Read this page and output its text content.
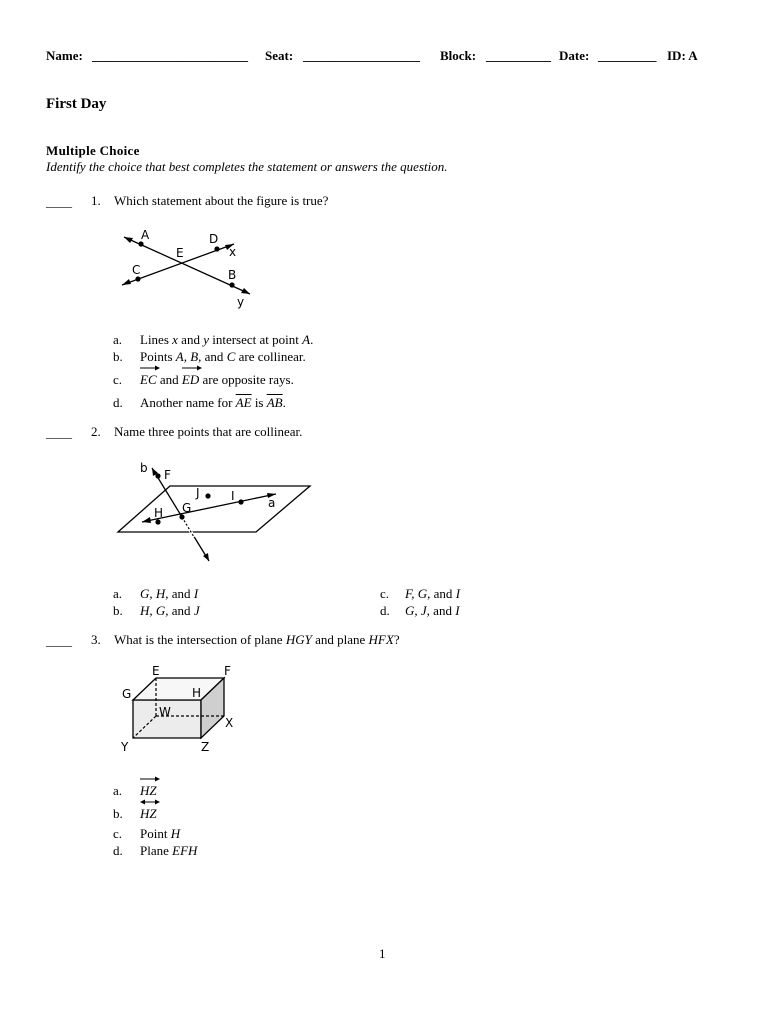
Name: ________________________ Seat: __________________ Block: __________ Date: _________ ID: A
First Day
Multiple Choice
Identify the choice that best completes the statement or answers the question.
____ 1. Which statement about the figure is true?
A	D
E	x
C	B
y
a. Lines x and y intersect at point A.
b. Points A, B, and C are collinear.
c. EC and
ED are opposite rays.
d. Another name for $\overline{AE}$ is $\overline{AB}$.
____ 2. Name three points that are collinear.
b F
J	I	a
H G
a. G, H, and I
b. H, G, and J
c. F, G, and I
d. G, J, and I
____ 3. What is the intersection of plane HGY and plane HFX?
E	F
G	H
W
X
Y	Z
a. HZ
b. HZ
c. Point H
d. Plane EFH
1
